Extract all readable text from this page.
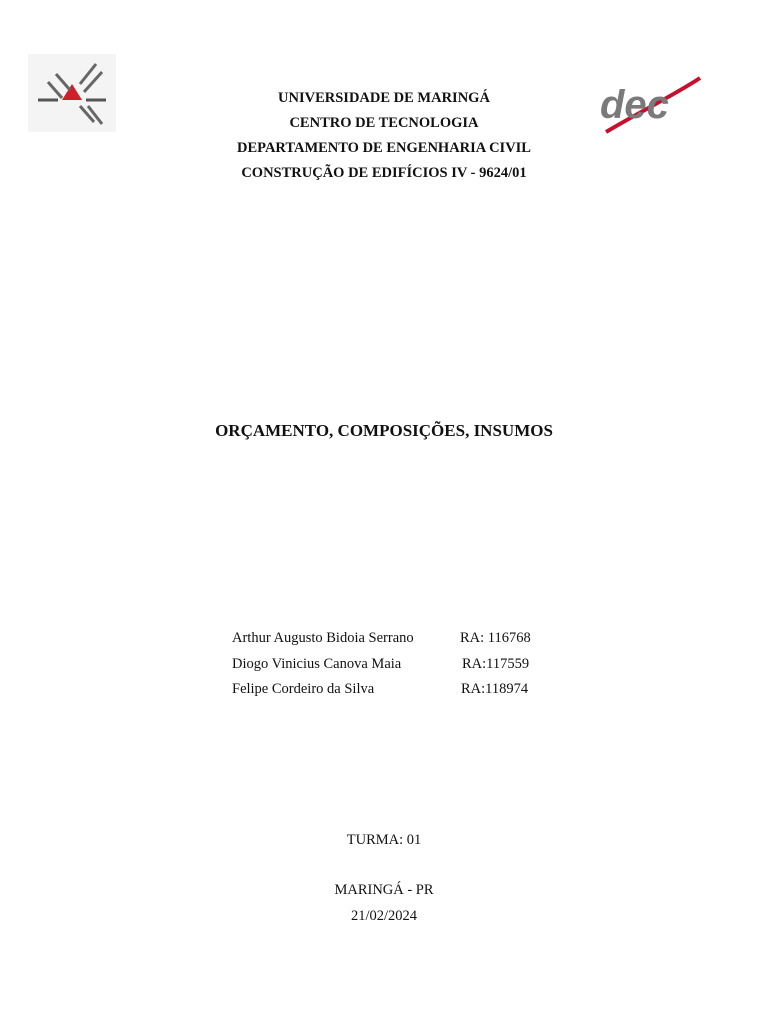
dec
UNIVERSIDADE DE MARINGÁ
CENTRO DE TECNOLOGIA
DEPARTAMENTO DE ENGENHARIA CIVIL
CONSTRUÇÃO DE EDIFÍCIOS IV - 9624/01
ORÇAMENTO, COMPOSIÇÕES, INSUMOS
Arthur Augusto Bidoia Serrano	RA: 116768
Diogo Vinicius Canova Maia	RA:117559
Felipe Cordeiro da Silva	RA:118974
TURMA: 01
MARINGÁ - PR
21/02/2024
